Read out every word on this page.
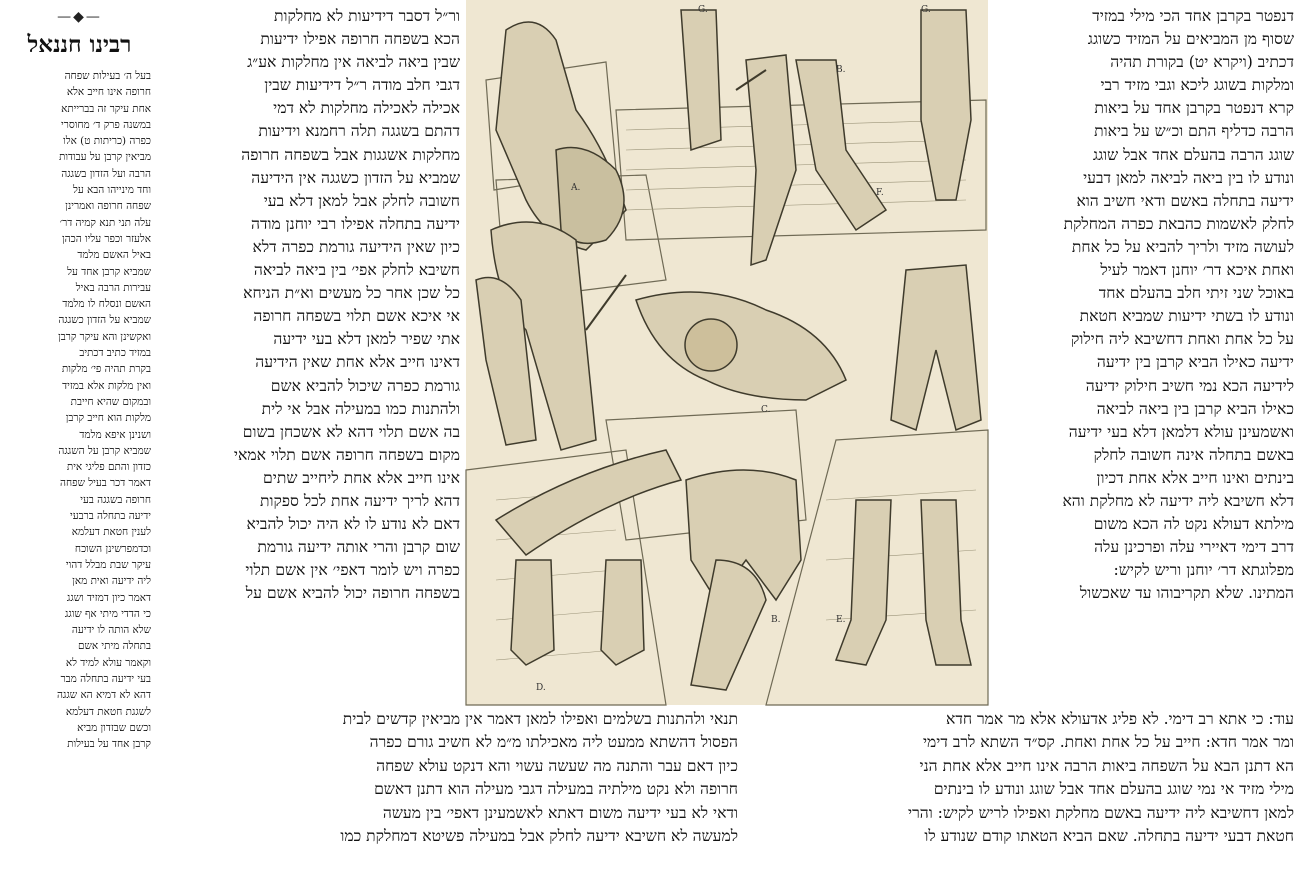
—◆—
רבינו חננאל
בעל ה׳ בעילות שפחה
חרופה אינו חייב אלא
אחת עיקר זה בברייתא
במשנה פרק ד׳ מחוסרי
כפרה (כריתות ט) אלו
מביאין קרבן על עבודות
הרבה ועל הזדון בשגגה
וחד מינייהו הבא על
שפחה חרופה ואמרינן
עלה תני תנא קמיה דר׳
אלעזר וכפר עליו הכהן
באיל האשם מלמד
שמביא קרבן אחד על
עבירות הרבה באיל
האשם ונסלח לו מלמד
שמביא על הזדון כשגגה
ואקשינן והא עיקר קרבן
במזיד כתיב דכתיב
בקרת תהיה פי׳ מלקות
ואין מלקות אלא במזיד
ובמקום שהיא חייבת
מלקות הוא חייב קרבן
ושנינן איפא מלמד
שמביא קרבן על השגגה
כזדון והתם פליגי אית
דאמר דכר בעיל שפחה
חרופה בשגגה בעי
ידיעה בתחלה ברבעי
לענין חטאת דעלמא
וכדמפרשינן השוכח
עיקר שבת מבלל דהוי
ליה ידיעה ואית מאן
דאמר כיון דמזיד ושגג
כי הדדי מיתי אף שוגג
שלא הותה לו ידיעה
בתחלה מיתי אשם
וקאמר עולא למיד לא
בעי ידיעה בתחלה מבר
דהא לא דמיא הא שגגה
לשגגת חטאת דעלמא
וכשם שבזדון מביא
קרבן אחד על בעילות
ור״ל דסבר דידיעות לא מחלקות
הכא בשפחה חרופה אפילו ידיעות
שבין ביאה לביאה אין מחלקות אע״ג
דגבי חלב מודה ר״ל דידיעות שבין
אכילה לאכילה מחלקות לא דמי
דהתם בשגגה תלה רחמנא וידיעות
מחלקות אשגגות אבל בשפחה חרופה
שמביא על הזדון כשגגה אין הידיעה
חשובה לחלק אבל למאן דלא בעי
ידיעה בתחלה אפילו רבי יוחנן מודה
כיון שאין הידיעה גורמת כפרה דלא
חשיבא לחלק אפי׳ בין ביאה לביאה
כל שכן אחר כל מעשים וא״ת הניחא
אי איכא אשם תלוי בשפחה חרופה
אתי שפיר למאן דלא בעי ידיעה
דאינו חייב אלא אחת שאין הידיעה
גורמת כפרה שיכול להביא אשם
ולהתנות כמו במעילה אבל אי לית
בה אשם תלוי דהא לא אשכחן בשום
מקום בשפחה חרופה אשם תלוי אמאי
אינו חייב אלא אחת ליחייב שתים
דהא לריך ידיעה אחת לכל ספקות
דאם לא נודע לו לא היה יכול להביא
שום קרבן והרי אותה ידיעה גורמת
כפרה ויש לומר דאפי׳ אין אשם תלוי
בשפחה חרופה יכול להביא אשם על
G.	G.
B.
A.	F.
C.
B.	E.
D.
דנפטר בקרבן אחד הכי מילי במזיד
שסוף מן המביאים על המזיד כשוגג
דכתיב (ויקרא יט) בקורת תהיה
ומלקות בשוגג ליכא וגבי מזיד רבי
קרא דנפטר בקרבן אחד על ביאות
הרבה כדליף התם וכ״ש על ביאות
שוגג הרבה בהעלם אחד אבל שוגג
ונודע לו בין ביאה לביאה למאן דבעי
ידיעה בתחלה באשם ודאי חשיב הוא
לחלק לאשמות כהבאת כפרה המחלקת
לעושה מזיד ולריך להביא על כל אחת
ואחת איכא דר׳ יוחנן דאמר לעיל
באוכל שני זיתי חלב בהעלם אחד
ונודע לו בשתי ידיעות שמביא חטאת
על כל אחת ואחת דחשיבא ליה חילוק
ידיעה כאילו הביא קרבן בין ידיעה
לידיעה הכא נמי חשיב חילוק ידיעה
כאילו הביא קרבן בין ביאה לביאה
ואשמעינן עולא דלמאן דלא בעי ידיעה
באשם בתחלה אינה חשובה לחלק
בינתים ואינו חייב אלא אחת דכיון
דלא חשיבא ליה ידיעה לא מחלקת והא
מילתא דעולא נקט לה הכא משום
דרב דימי דאיירי עלה ופרכינן עלה
מפלוגתא דר׳ יוחנן וריש לקיש:
המתינו. שלא תקריבוהו עד שאכשול
תנאי ולהתנות בשלמים ואפילו למאן דאמר אין מביאין קדשים לבית
הפסול דהשתא ממעט ליה מאכילתו מ״מ לא חשיב גורם כפרה
כיון דאם עבר והתנה מה שעשה עשוי והא דנקט עולא שפחה
חרופה ולא נקט מילתיה במעילה דגבי מעילה הוא דתנן דאשם
ודאי לא בעי ידיעה משום דאתא לאשמעינן דאפי׳ בין מעשה
למעשה לא חשיבא ידיעה לחלק אבל במעילה פשיטא דמחלקת כמו
עוד: כי אתא רב דימי. לא פליג אדעולא אלא מר אמר חדא
ומר אמר חדא: חייב על כל אחת ואחת. קס״ד השתא לרב דימי
הא דתנן הבא על השפחה ביאות הרבה אינו חייב אלא אחת הני
מילי מזיד אי נמי שוגג בהעלם אחד אבל שוגג ונודע לו בינתים
למאן דחשיבא ליה ידיעה באשם מחלקת ואפילו לריש לקיש: והרי
חטאת דבעי ידיעה בתחלה. שאם הביא הטאתו קודם שנודע לו
